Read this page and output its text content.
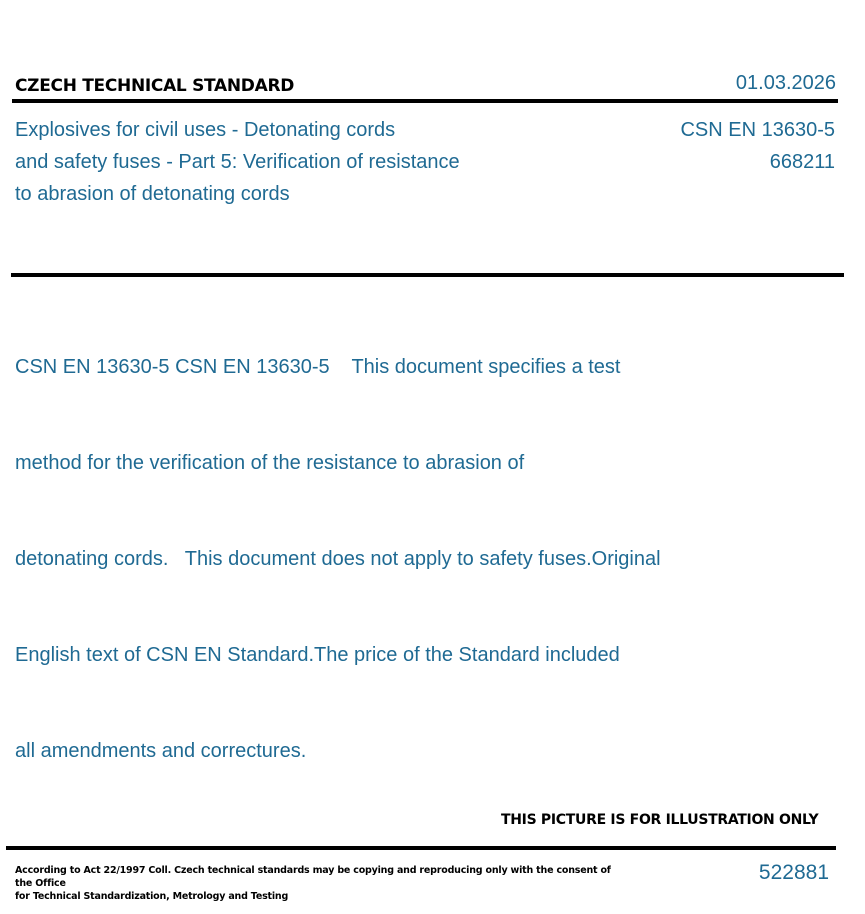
CZECH TECHNICAL STANDARD	01.03.2026
Explosives for civil uses - Detonating cords
and safety fuses - Part 5: Verification of resistance
to abrasion of detonating cords
CSN EN 13630-5
668211

CSN EN 13630-5 CSN EN 13630-5    This document specifies a test

method for the verification of the resistance to abrasion of

detonating cords.   This document does not apply to safety fuses.Original

English text of CSN EN Standard.The price of the Standard included

all amendments and correctures.

THIS PICTURE IS FOR ILLUSTRATION ONLY
According to Act 22/1997 Coll. Czech technical standards may be copying and reproducing only with the consent of the Office
for Technical Standardization, Metrology and Testing
522881
